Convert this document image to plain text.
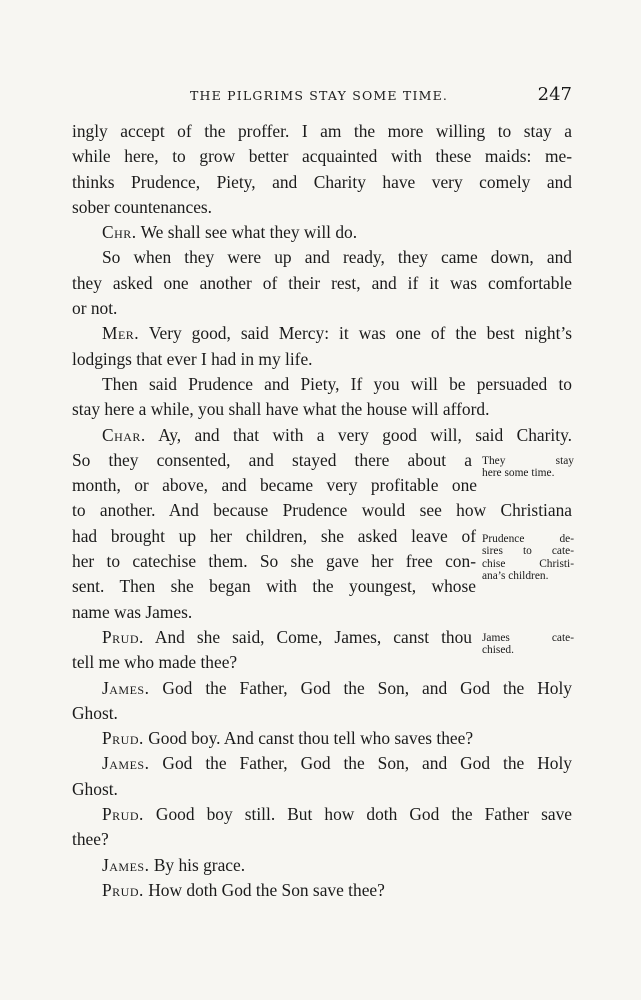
THE PILGRIMS STAY SOME TIME.	247

ingly accept of the proffer. I am the more willing to stay a
while here, to grow better acquainted with these maids: me-
thinks Prudence, Piety, and Charity have very comely and
sober countenances.

Chr. We shall see what they will do.

So when they were up and ready, they came down, and
they asked one another of their rest, and if it was comfortable
or not.

Mer. Very good, said Mercy: it was one of the best night’s
lodgings that ever I had in my life.

Then said Prudence and Piety, If you will be persuaded to
stay here a while, you shall have what the house will afford.

Char. Ay, and that with a very good will, said Charity.
So they consented, and stayed there about a
month, or above, and became very profitable one
to another. And because Prudence would see how Christiana
had brought up her children, she asked leave of
her to catechise them. So she gave her free con-
sent. Then she began with the youngest, whose
name was James.

Prud. And she said, Come, James, canst thou
tell me who made thee?

James. God the Father, God the Son, and God the Holy
Ghost.

Prud. Good boy. And canst thou tell who saves thee?

James. God the Father, God the Son, and God the Holy
Ghost.

Prud. Good boy still. But how doth God the Father save
thee?

James. By his grace.

Prud. How doth God the Son save thee?

They stay
here some time.
Prudence de-
sires to cate-
chise Christi-
ana’s children.
James cate-
chised.
